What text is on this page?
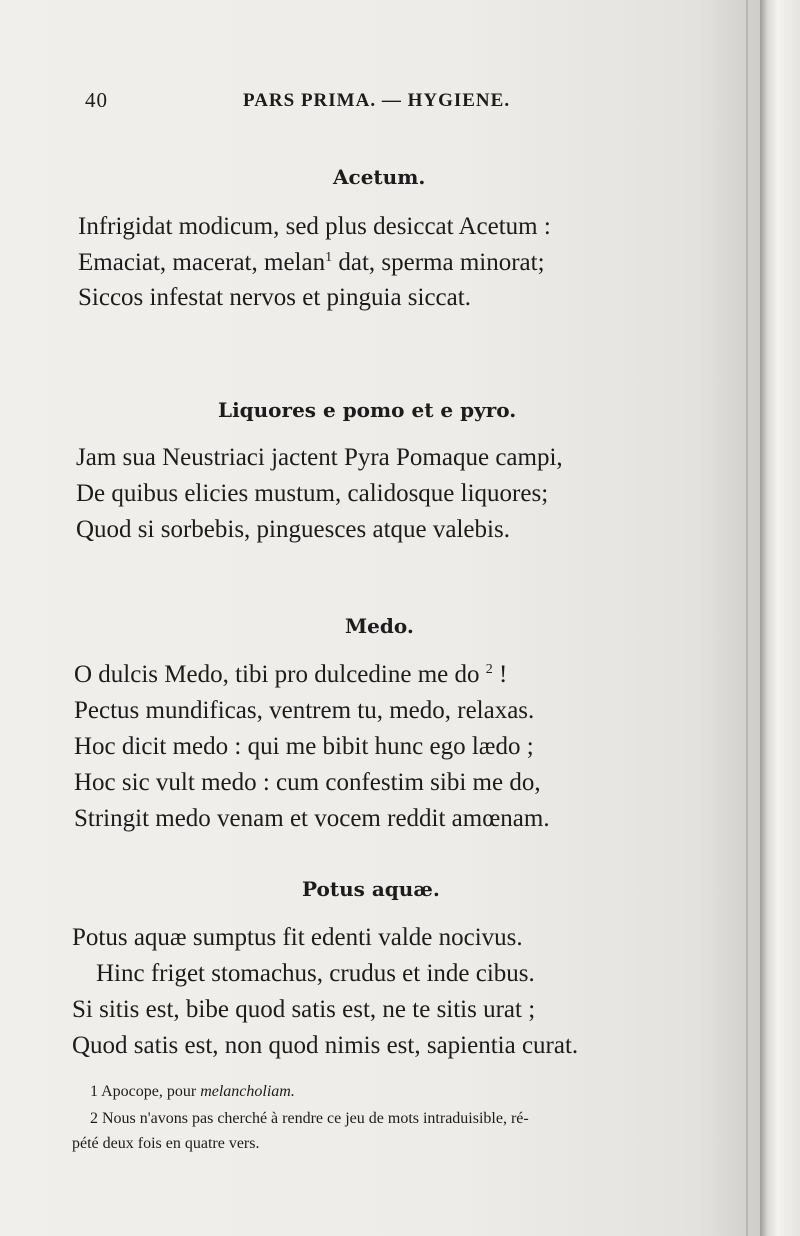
40	PARS PRIMA. — HYGIENE.
Acetum.
Infrigidat modicum, sed plus desiccat Acetum :
Emaciat, macerat, melan$^1$ dat, sperma minorat;
Siccos infestat nervos et pinguia siccat.
Liquores e pomo et e pyro.
Jam sua Neustriaci jactent Pyra Pomaque campi,
De quibus elicies mustum, calidosque liquores;
Quod si sorbebis, pinguesces atque valebis.
Medo.
O dulcis Medo, tibi pro dulcedine me do $^2$ !
Pectus mundificas, ventrem tu, medo, relaxas.
Hoc dicit medo : qui me bibit hunc ego lædo ;
Hoc sic vult medo : cum confestim sibi me do,
Stringit medo venam et vocem reddit amœnam.
Potus aquæ.
Potus aquæ sumptus fit edenti valde nocivus.
Hinc friget stomachus, crudus et inde cibus.
Si sitis est, bibe quod satis est, ne te sitis urat ;
Quod satis est, non quod nimis est, sapientia curat.
1 Apocope, pour melancholiam.
2 Nous n'avons pas cherché à rendre ce jeu de mots intraduisible, ré-
pété deux fois en quatre vers.
